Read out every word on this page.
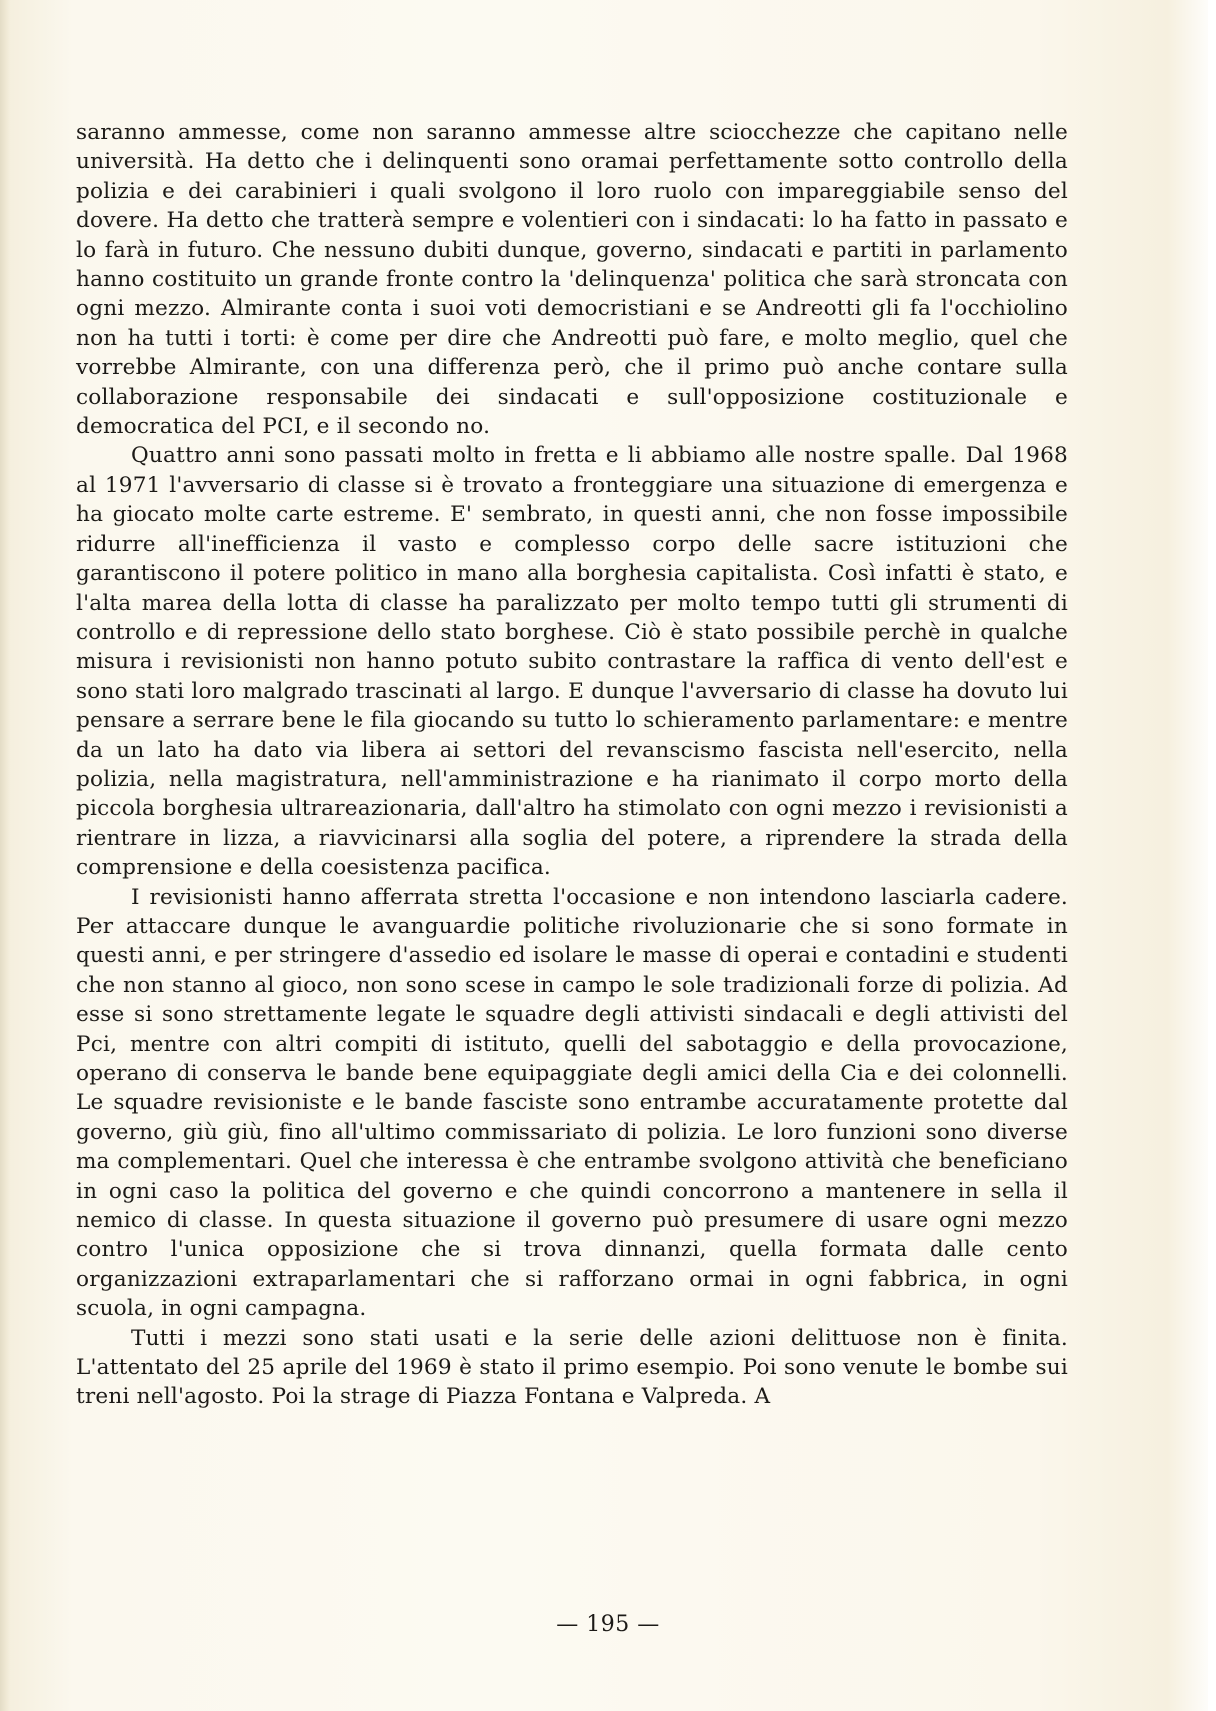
saranno ammesse, come non saranno ammesse altre sciocchezze che capitano nelle università. Ha detto che i delinquenti sono oramai perfettamente sotto controllo della polizia e dei carabinieri i quali svolgono il loro ruolo con impareggiabile senso del dovere. Ha detto che tratterà sempre e volentieri con i sindacati: lo ha fatto in passato e lo farà in futuro. Che nessuno dubiti dunque, governo, sindacati e partiti in parlamento hanno costituito un grande fronte contro la 'delinquenza' politica che sarà stroncata con ogni mezzo. Almirante conta i suoi voti democristiani e se Andreotti gli fa l'occhiolino non ha tutti i torti: è come per dire che Andreotti può fare, e molto meglio, quel che vorrebbe Almirante, con una differenza però, che il primo può anche contare sulla collaborazione responsabile dei sindacati e sull'opposizione costituzionale e democratica del PCI, e il secondo no.

Quattro anni sono passati molto in fretta e li abbiamo alle nostre spalle. Dal 1968 al 1971 l'avversario di classe si è trovato a fronteggiare una situazione di emergenza e ha giocato molte carte estreme. E' sembrato, in questi anni, che non fosse impossibile ridurre all'inefficienza il vasto e complesso corpo delle sacre istituzioni che garantiscono il potere politico in mano alla borghesia capitalista. Così infatti è stato, e l'alta marea della lotta di classe ha paralizzato per molto tempo tutti gli strumenti di controllo e di repressione dello stato borghese. Ciò è stato possibile perchè in qualche misura i revisionisti non hanno potuto subito contrastare la raffica di vento dell'est e sono stati loro malgrado trascinati al largo. E dunque l'avversario di classe ha dovuto lui pensare a serrare bene le fila giocando su tutto lo schieramento parlamentare: e mentre da un lato ha dato via libera ai settori del revanscismo fascista nell'esercito, nella polizia, nella magistratura, nell'amministrazione e ha rianimato il corpo morto della piccola borghesia ultrareazionaria, dall'altro ha stimolato con ogni mezzo i revisionisti a rientrare in lizza, a riavvicinarsi alla soglia del potere, a riprendere la strada della comprensione e della coesistenza pacifica.

I revisionisti hanno afferrata stretta l'occasione e non intendono lasciarla cadere. Per attaccare dunque le avanguardie politiche rivoluzionarie che si sono formate in questi anni, e per stringere d'assedio ed isolare le masse di operai e contadini e studenti che non stanno al gioco, non sono scese in campo le sole tradizionali forze di polizia. Ad esse si sono strettamente legate le squadre degli attivisti sindacali e degli attivisti del Pci, mentre con altri compiti di istituto, quelli del sabotaggio e della provocazione, operano di conserva le bande bene equipaggiate degli amici della Cia e dei colonnelli. Le squadre revisioniste e le bande fasciste sono entrambe accuratamente protette dal governo, giù giù, fino all'ultimo commissariato di polizia. Le loro funzioni sono diverse ma complementari. Quel che interessa è che entrambe svolgono attività che beneficiano in ogni caso la politica del governo e che quindi concorrono a mantenere in sella il nemico di classe. In questa situazione il governo può presumere di usare ogni mezzo contro l'unica opposizione che si trova dinnanzi, quella formata dalle cento organizzazioni extraparlamentari che si rafforzano ormai in ogni fabbrica, in ogni scuola, in ogni campagna.

Tutti i mezzi sono stati usati e la serie delle azioni delittuose non è finita. L'attentato del 25 aprile del 1969 è stato il primo esempio. Poi sono venute le bombe sui treni nell'agosto. Poi la strage di Piazza Fontana e Valpreda. A

— 195 —
